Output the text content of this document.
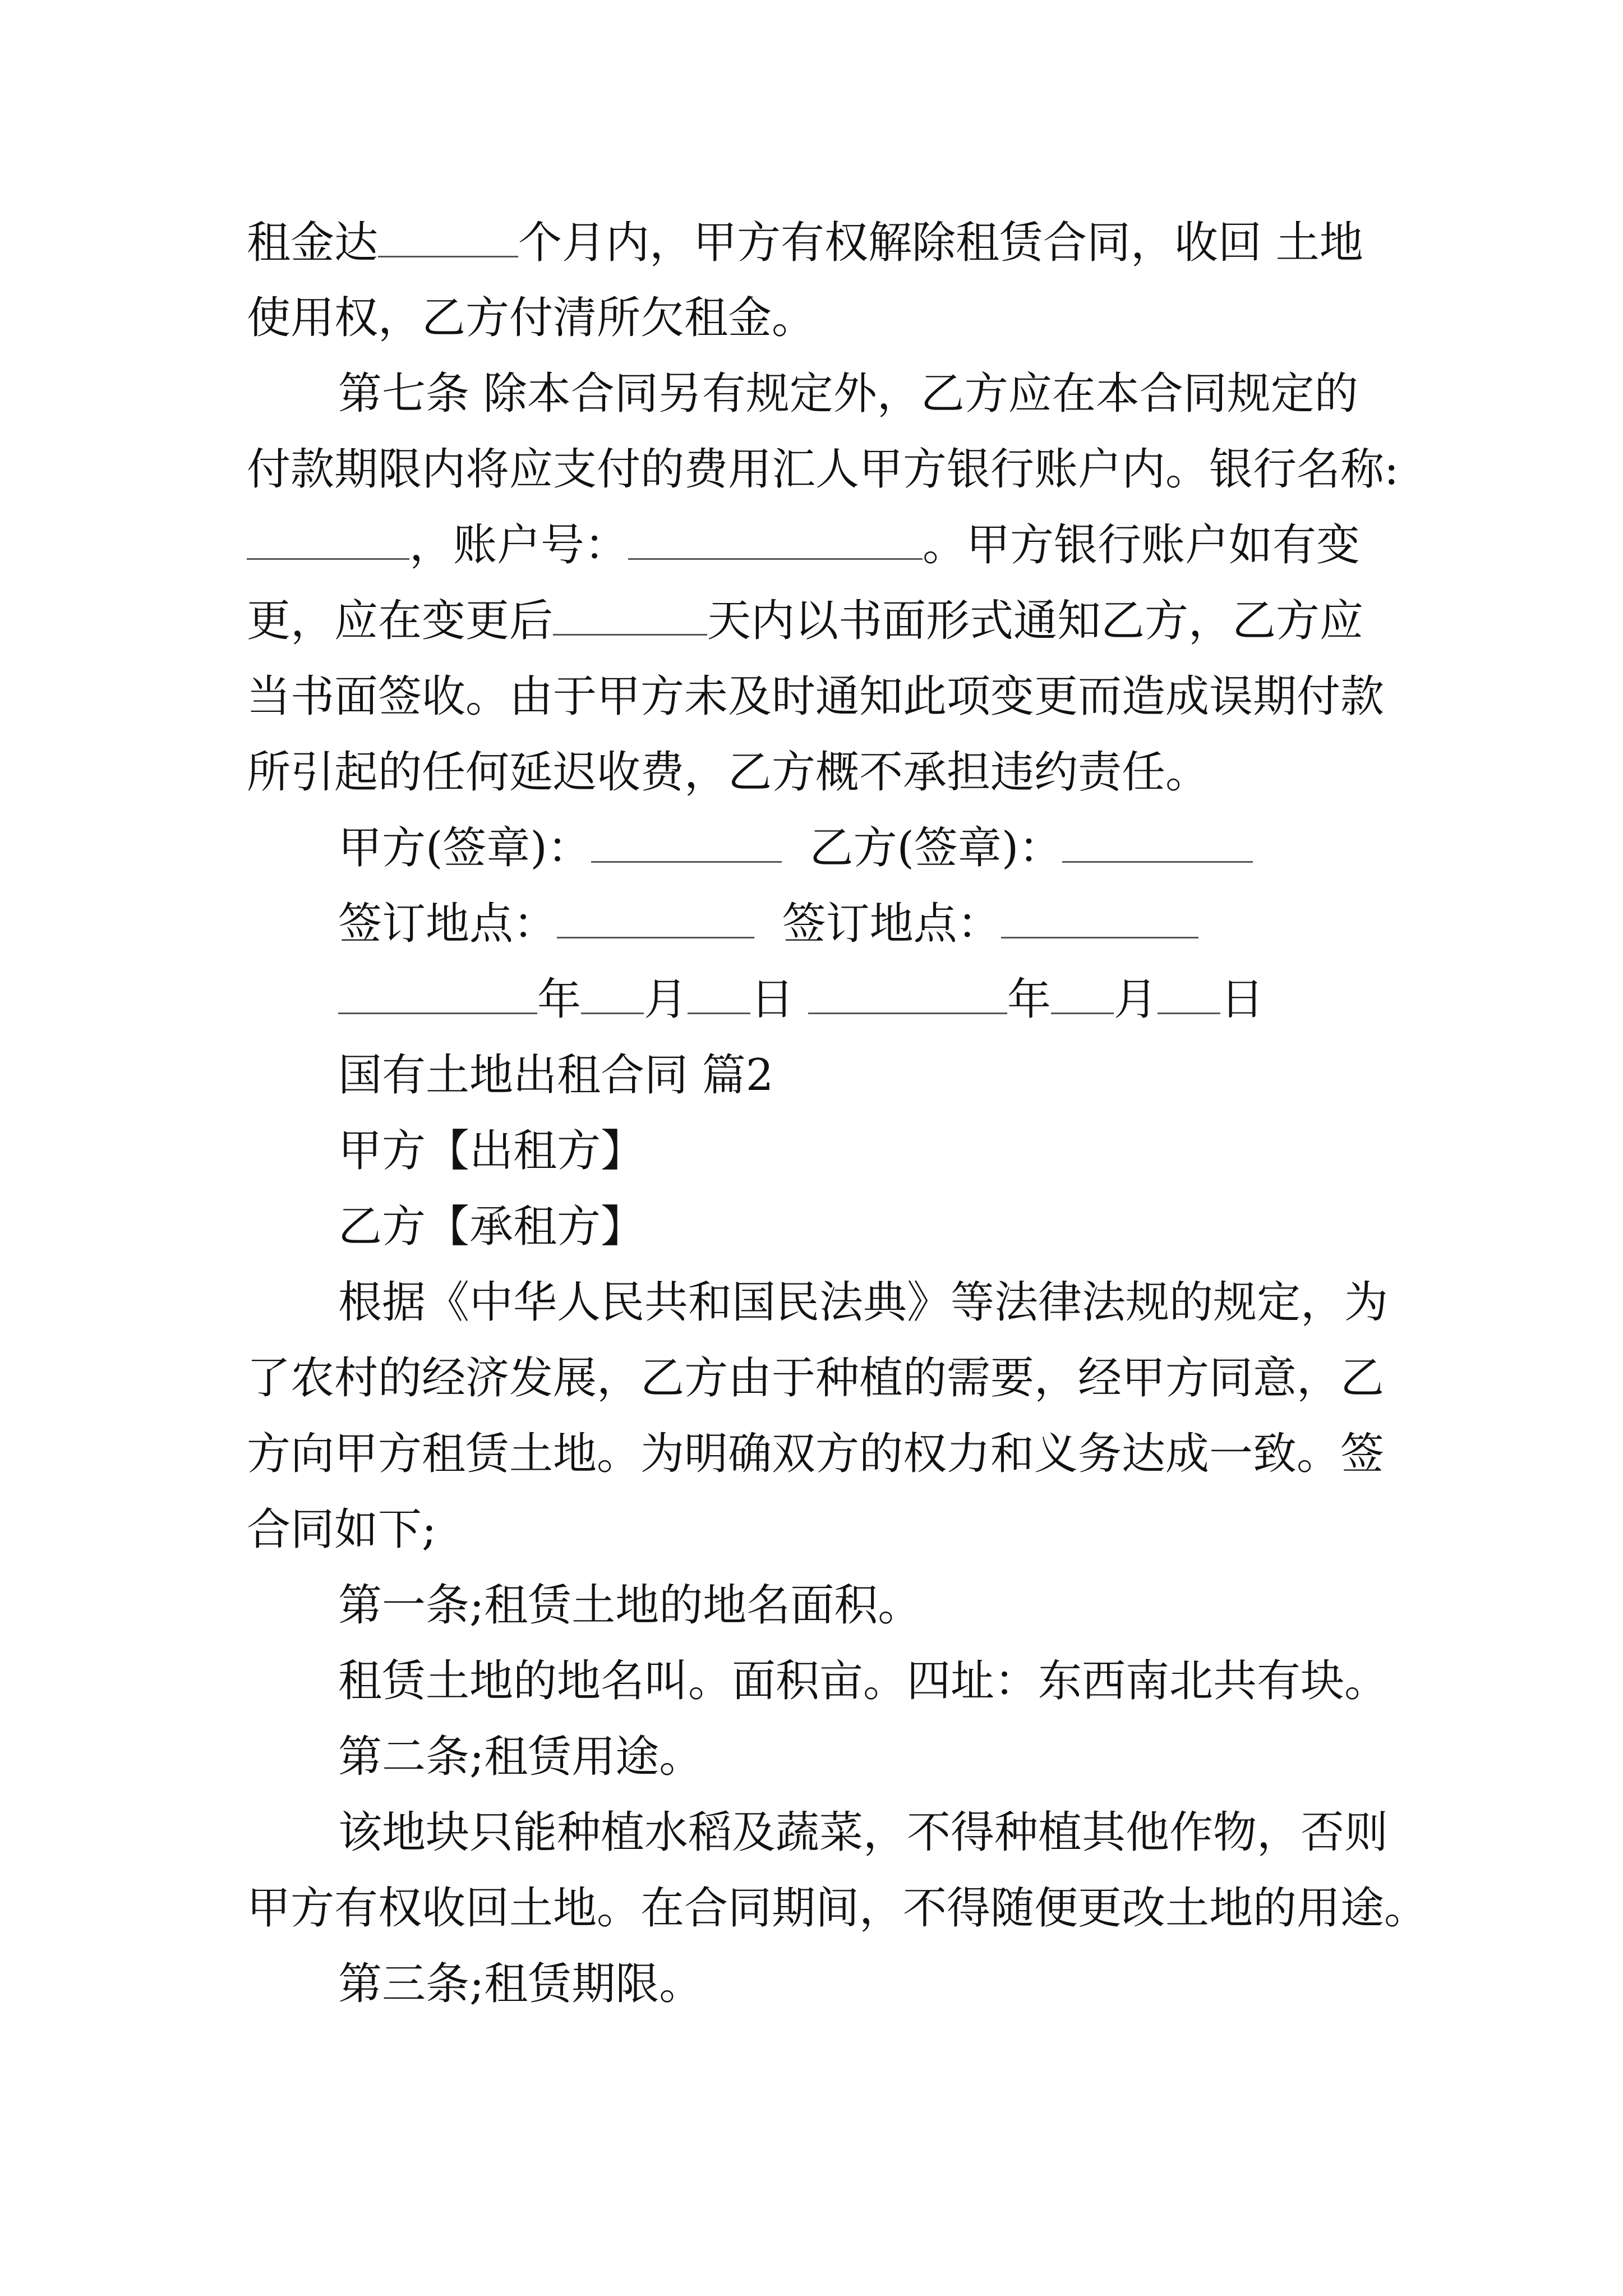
租金达	个月内，甲方有权解除租赁合同，收回 土地

使用权，乙方付清所欠租金。

第七条 除本合同另有规定外，乙方应在本合同规定的

付款期限内将应支付的费用汇人甲方银行账户内。银行名称:

，账户号：	。甲方银行账户如有变

更，应在变更后	天内以书面形式通知乙方，乙方应

当书面签收。由于甲方未及时通知此项变更而造成误期付款

所引起的任何延迟收费，乙方概不承担违约责任。

甲方(签章)：	乙方(签章)：

签订地点：	签订地点：

年 月 日	年 月 日

国有土地出租合同 篇2

甲方【出租方】

乙方【承租方】

根据《中华人民共和国民法典》等法律法规的规定，为

了农村的经济发展，乙方由于种植的需要，经甲方同意，乙

方向甲方租赁土地。为明确双方的权力和义务达成一致。签

合同如下;

第一条;租赁土地的地名面积。

租赁土地的地名叫。面积亩。四址：东西南北共有块。

第二条;租赁用途。

该地块只能种植水稻及蔬菜，不得种植其他作物，否则

甲方有权收回土地。在合同期间，不得随便更改土地的用途。

第三条;租赁期限。
